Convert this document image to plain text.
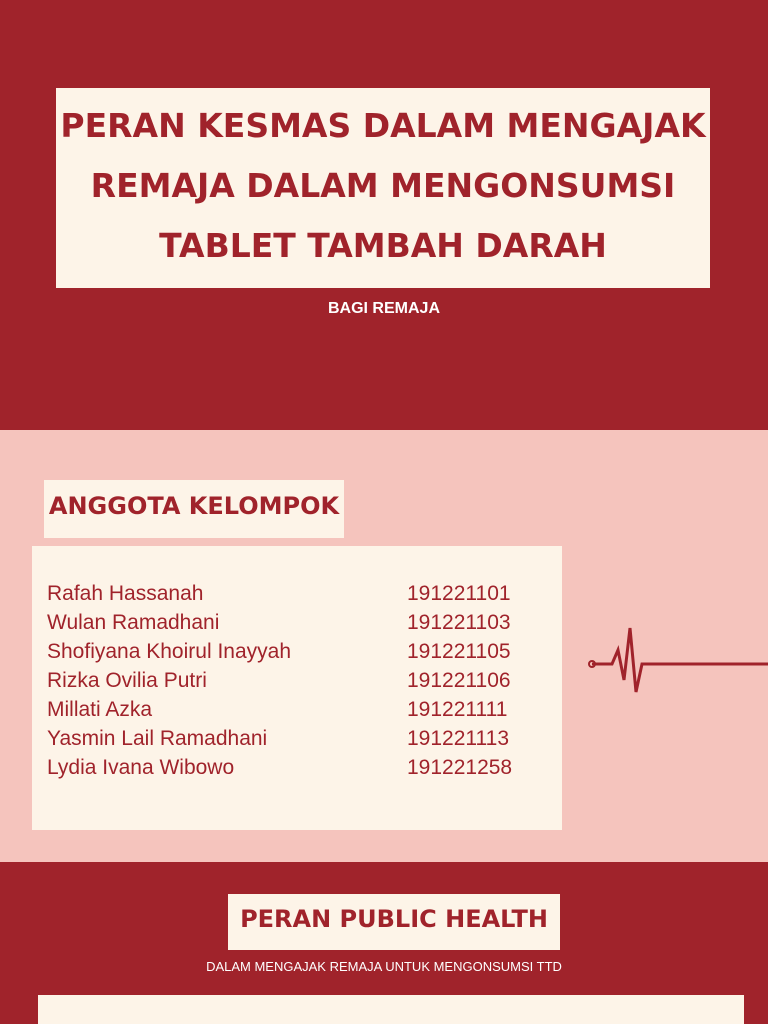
PERAN KESMAS DALAM MENGAJAK
REMAJA DALAM MENGONSUMSI
TABLET TAMBAH DARAH
BAGI REMAJA
ANGGOTA KELOMPOK
Rafah Hassanah	191221101
Wulan Ramadhani	191221103
Shofiyana Khoirul Inayyah	191221105
Rizka Ovilia Putri	191221106
Millati Azka	191221111
Yasmin Lail Ramadhani	191221113
Lydia Ivana Wibowo	191221258
PERAN PUBLIC HEALTH
DALAM MENGAJAK REMAJA UNTUK MENGONSUMSI TTD
